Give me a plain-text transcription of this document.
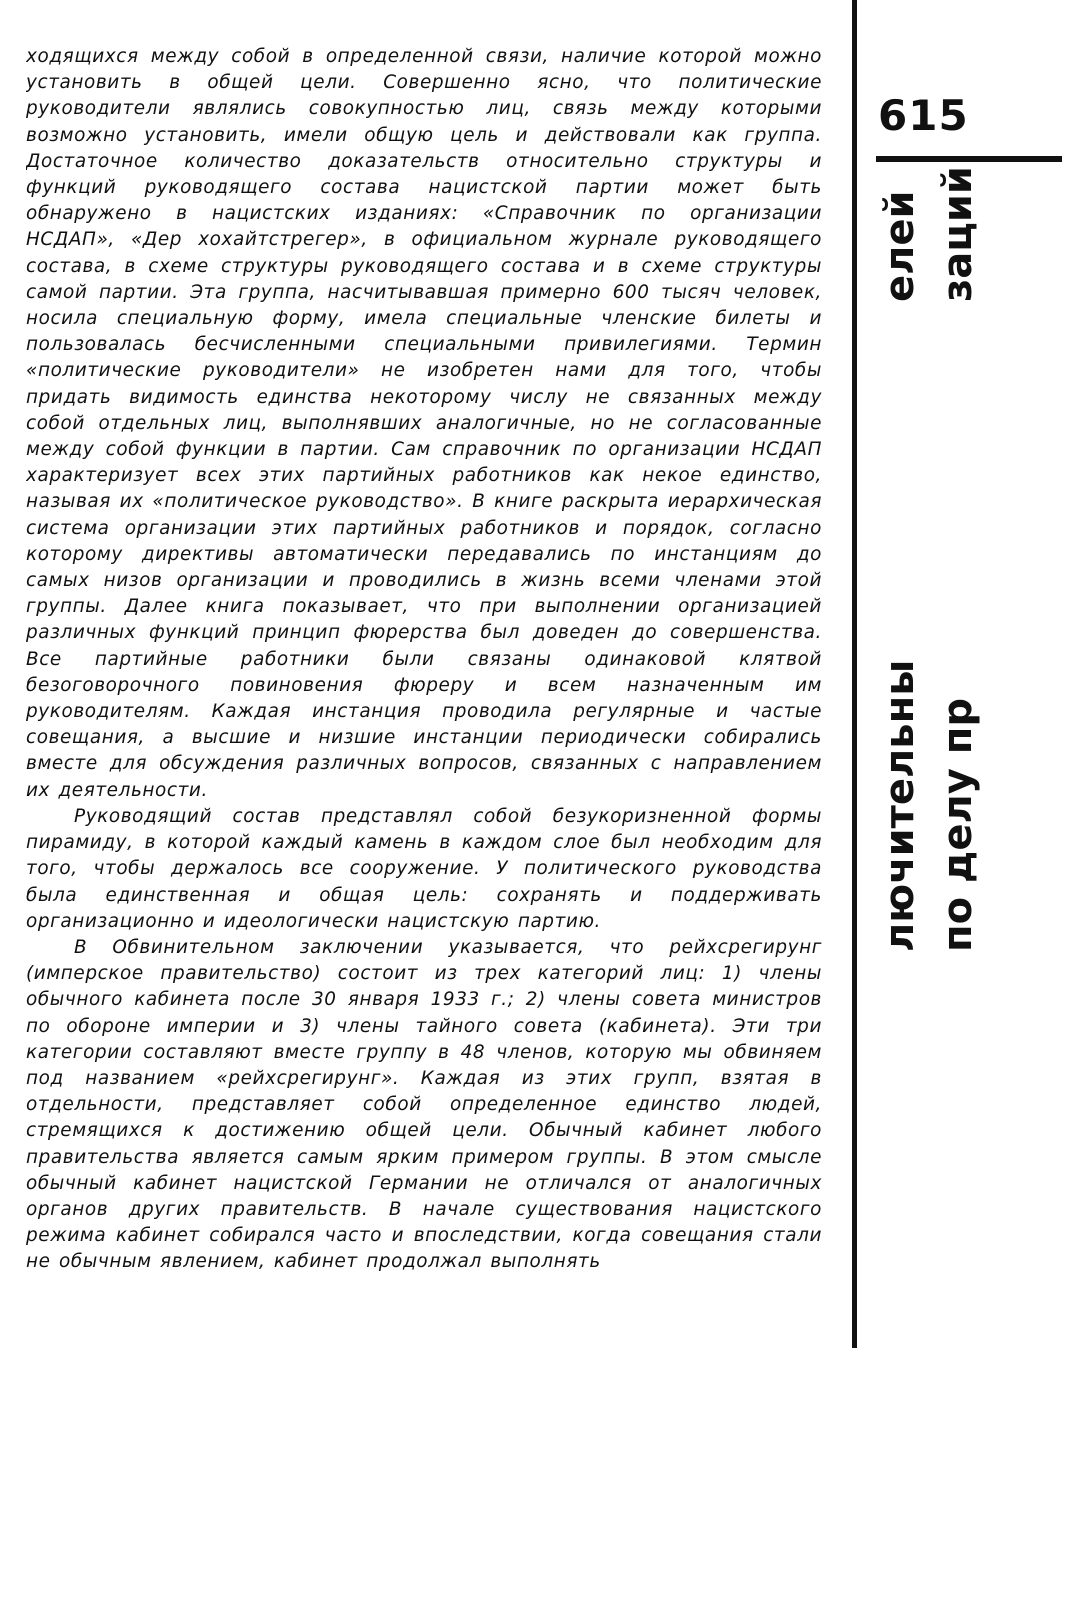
615
елей заций
лючительны по делу пр

ходящихся между собой в определенной связи, наличие которой можно установить в общей цели. Совершенно ясно, что политические руководители являлись совокупностью лиц, связь между которыми возможно установить, имели общую цель и действовали как группа. Достаточное количество доказательств относительно структуры и функций руководящего состава нацистской партии может быть обнаружено в нацистских изданиях: «Справочник по организации НСДАП», «Дер хохайтстрегер», в официальном журнале руководящего состава, в схеме структуры руководящего состава и в схеме структуры самой партии. Эта группа, насчитывавшая примерно 600 тысяч человек, носила специальную форму, имела специальные членские билеты и пользовалась бесчисленными специальными привилегиями. Термин «политические руководители» не изобретен нами для того, чтобы придать видимость единства некоторому числу не связанных между собой отдельных лиц, выполнявших аналогичные, но не согласованные между собой функции в партии. Сам справочник по организации НСДАП характеризует всех этих партийных работников как некое единство, называя их «политическое руководство». В книге раскрыта иерархическая система организации этих партийных работников и порядок, согласно которому директивы автоматически передавались по инстанциям до самых низов организации и проводились в жизнь всеми членами этой группы. Далее книга показывает, что при выполнении организацией различных функций принцип фюрерства был доведен до совершенства. Все партийные работники были связаны одинаковой клятвой безоговорочного повиновения фюреру и всем назначенным им руководителям. Каждая инстанция проводила регулярные и частые совещания, а высшие и низшие инстанции периодически собирались вместе для обсуждения различных вопросов, связанных с направлением их деятельности.

Руководящий состав представлял собой безукоризненной формы пирамиду, в которой каждый камень в каждом слое был необходим для того, чтобы держалось все сооружение. У политического руководства была единственная и общая цель: сохранять и поддерживать организационно и идеологически нацистскую партию.

В Обвинительном заключении указывается, что рейхсрегирунг (имперское правительство) состоит из трех категорий лиц: 1) члены обычного кабинета после 30 января 1933 г.; 2) члены совета министров по обороне империи и 3) члены тайного совета (кабинета). Эти три категории составляют вместе группу в 48 членов, которую мы обвиняем под названием «рейхсрегирунг». Каждая из этих групп, взятая в отдельности, представляет собой определенное единство людей, стремящихся к достижению общей цели. Обычный кабинет любого правительства является самым ярким примером группы. В этом смысле обычный кабинет нацистской Германии не отличался от аналогичных органов других правительств. В начале существования нацистского режима кабинет собирался часто и впоследствии, когда совещания стали не обычным явлением, кабинет продолжал выполнять
